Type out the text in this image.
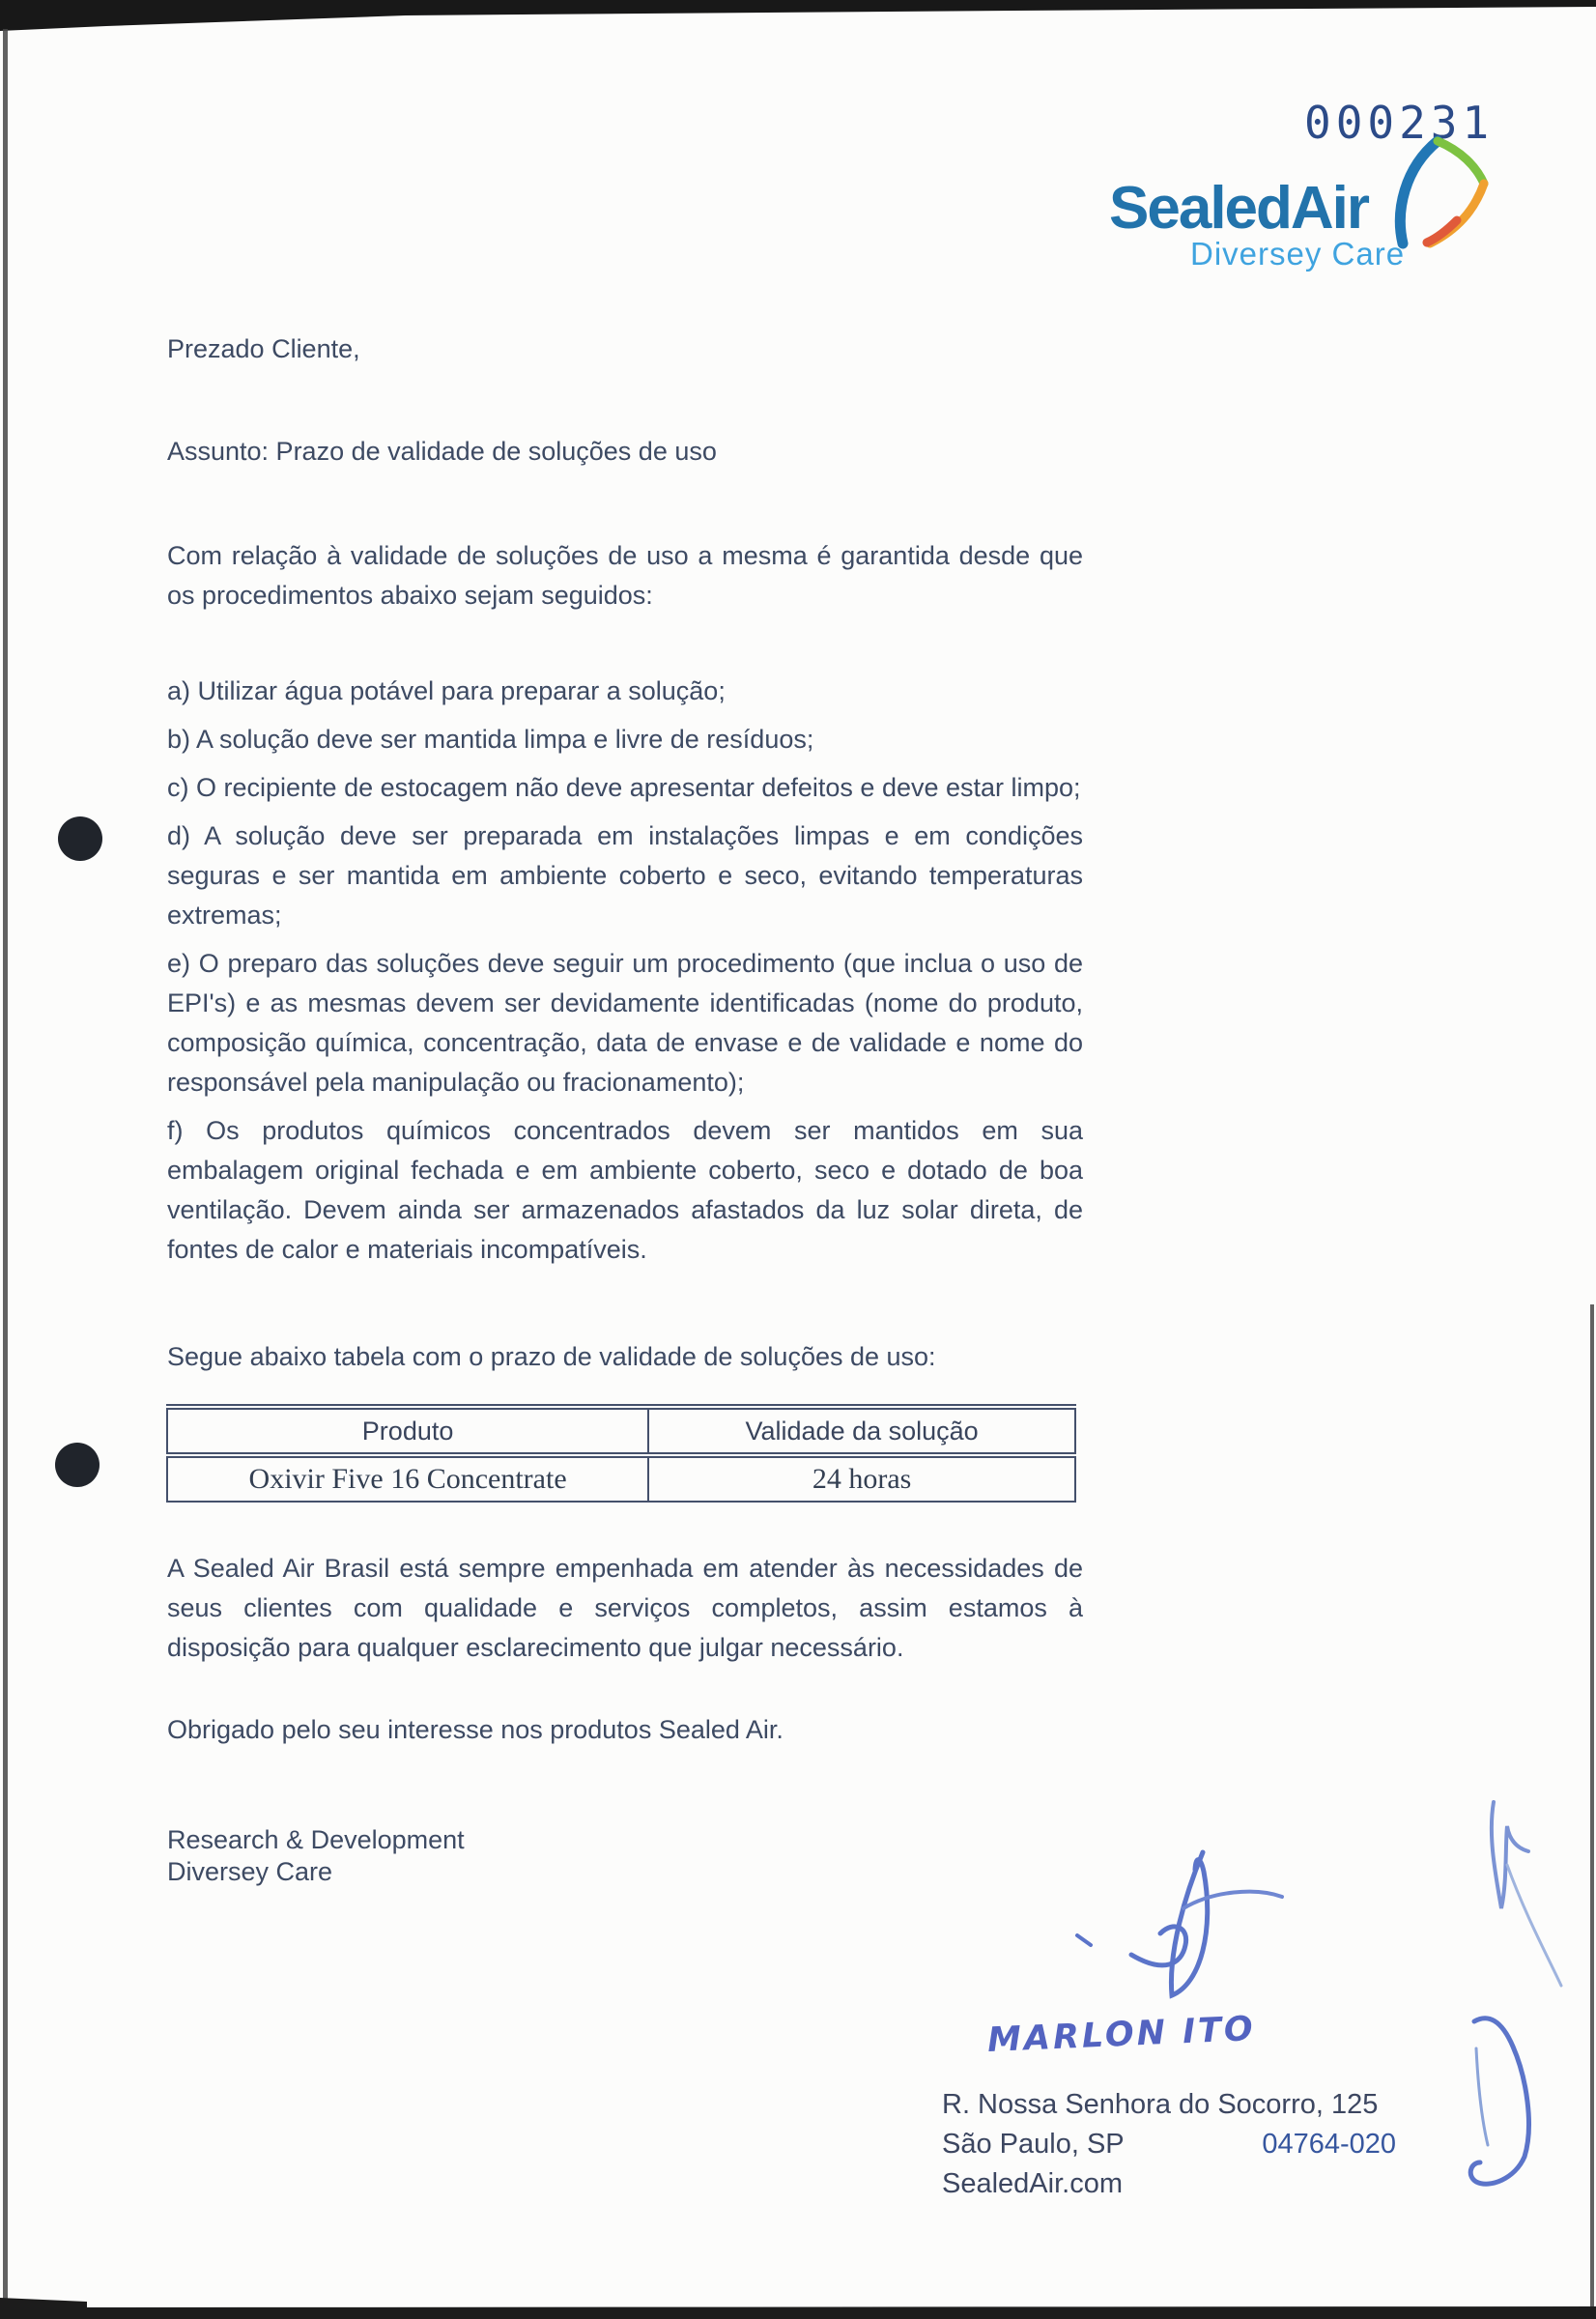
000231
SealedAir
Diversey Care
Prezado Cliente,
Assunto: Prazo de validade de soluções de uso
Com relação à validade de soluções de uso a mesma é garantida desde que os procedimentos abaixo sejam seguidos:

a) Utilizar água potável para preparar a solução;

b) A solução deve ser mantida limpa e livre de resíduos;

c) O recipiente de estocagem não deve apresentar defeitos e deve estar limpo;

d) A solução deve ser preparada em instalações limpas e em condições seguras e ser mantida em ambiente coberto e seco, evitando temperaturas extremas;

e) O preparo das soluções deve seguir um procedimento (que inclua o uso de EPI's) e as mesmas devem ser devidamente identificadas (nome do produto, composição química, concentração, data de envase e de validade e nome do responsável pela manipulação ou fracionamento);

f) Os produtos químicos concentrados devem ser mantidos em sua embalagem original fechada e em ambiente coberto, seco e dotado de boa ventilação. Devem ainda ser armazenados afastados da luz solar direta, de fontes de calor e materiais incompatíveis.

Segue abaixo tabela com o prazo de validade de soluções de uso:
Produto	Validade da solução
Oxivir Five 16 Concentrate	24 horas
A Sealed Air Brasil está sempre empenhada em atender às necessidades de seus clientes com qualidade e serviços completos, assim estamos à disposição para qualquer esclarecimento que julgar necessário.
Obrigado pelo seu interesse nos produtos Sealed Air.
Research & Development
Diversey Care
MARLON ITO
R. Nossa Senhora do Socorro, 125
São Paulo, SP	04764-020
SealedAir.com
